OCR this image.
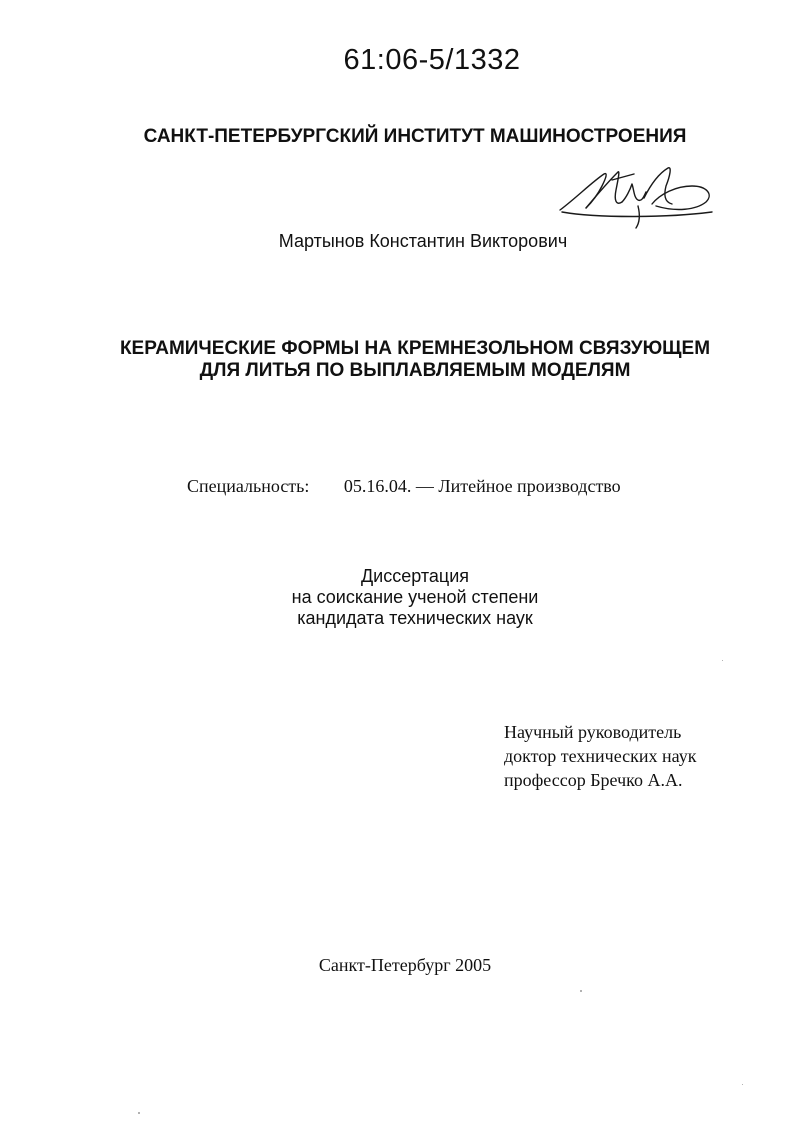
61:06-5/1332
САНКТ-ПЕТЕРБУРГСКИЙ ИНСТИТУТ МАШИНОСТРОЕНИЯ
Мартынов Константин Викторович
КЕРАМИЧЕСКИЕ ФОРМЫ НА КРЕМНЕЗОЛЬНОМ СВЯЗУЮЩЕМ
ДЛЯ ЛИТЬЯ ПО ВЫПЛАВЛЯЕМЫМ МОДЕЛЯМ
Специальность: 05.16.04. — Литейное производство
Диссертация
на соискание ученой степени
кандидата технических наук
Научный руководитель
доктор технических наук
профессор Бречко А.А.
Санкт-Петербург 2005
